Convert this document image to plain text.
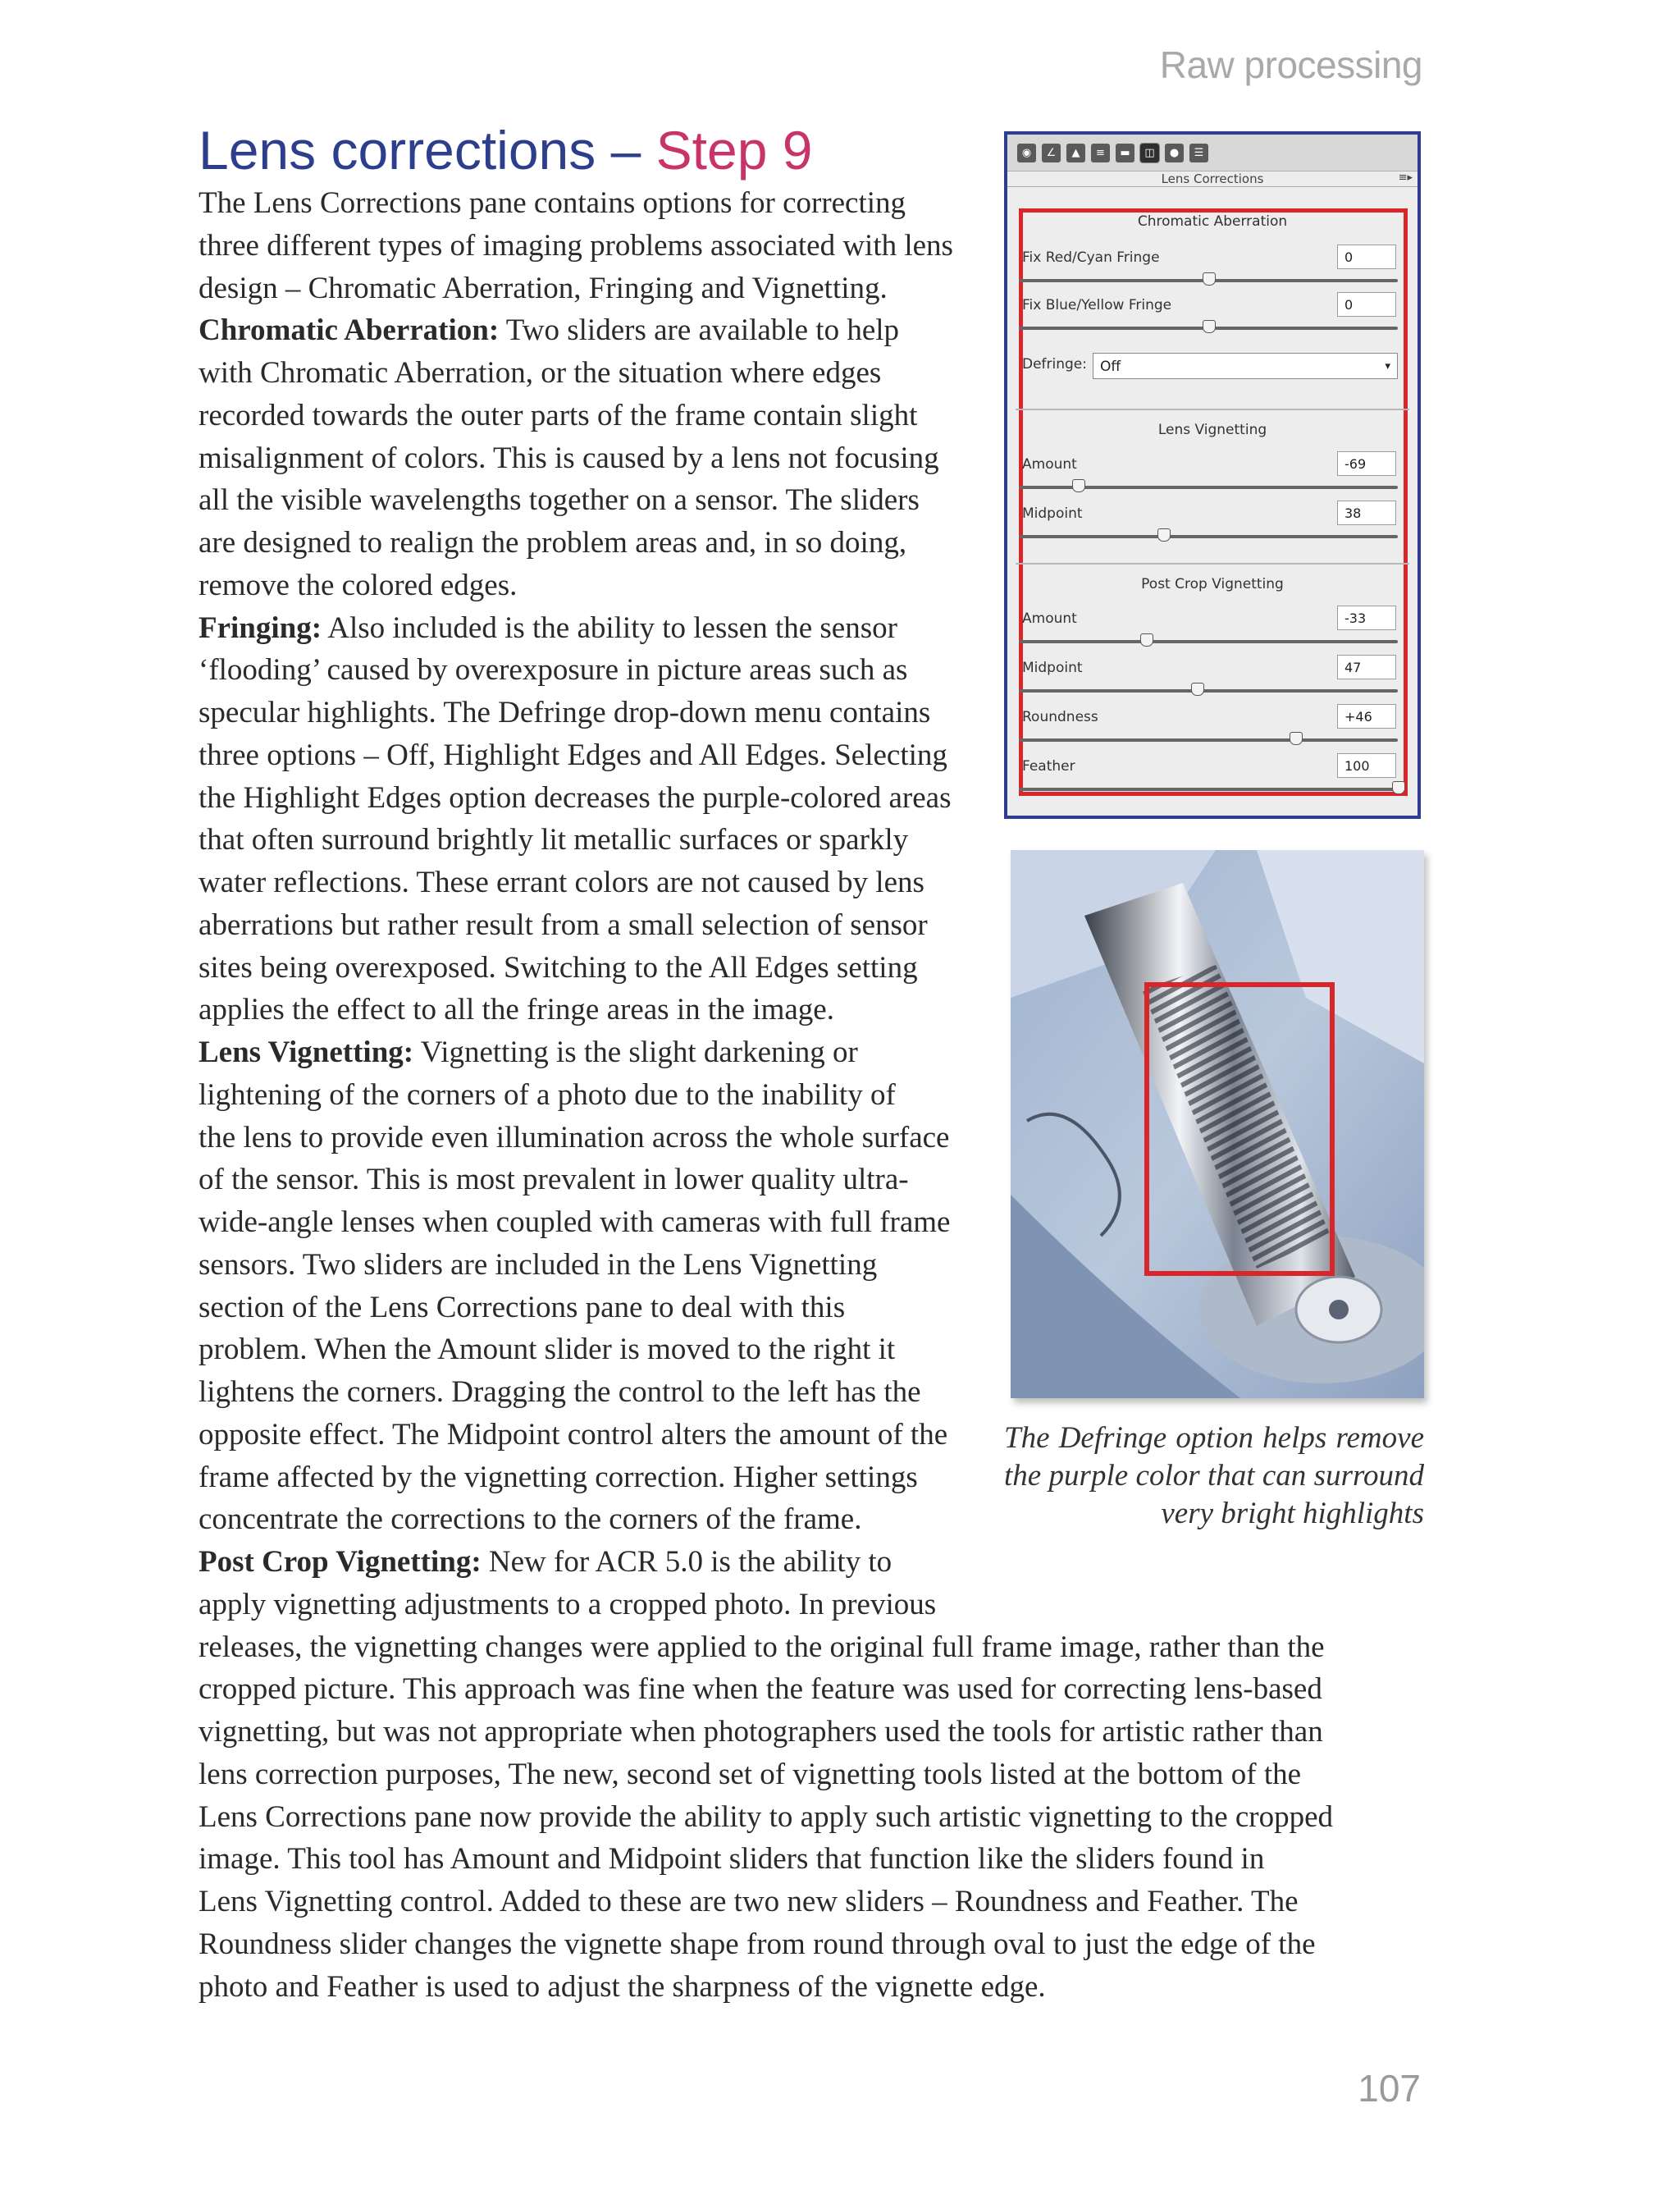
Raw processing
Lens corrections – Step 9
The Lens Corrections pane contains options for correcting
three different types of imaging problems associated with lens
design – Chromatic Aberration, Fringing and Vignetting.
Chromatic Aberration: Two sliders are available to help
with Chromatic Aberration, or the situation where edges
recorded towards the outer parts of the frame contain slight
misalignment of colors. This is caused by a lens not focusing
all the visible wavelengths together on a sensor. The sliders
are designed to realign the problem areas and, in so doing,
remove the colored edges.
Fringing: Also included is the ability to lessen the sensor
‘flooding’ caused by overexposure in picture areas such as
specular highlights. The Defringe drop-down menu contains
three options – Off, Highlight Edges and All Edges. Selecting
the Highlight Edges option decreases the purple-colored areas
that often surround brightly lit metallic surfaces or sparkly
water reflections. These errant colors are not caused by lens
aberrations but rather result from a small selection of sensor
sites being overexposed. Switching to the All Edges setting
applies the effect to all the fringe areas in the image.
Lens Vignetting: Vignetting is the slight darkening or
lightening of the corners of a photo due to the inability of
the lens to provide even illumination across the whole surface
of the sensor. This is most prevalent in lower quality ultra-
wide-angle lenses when coupled with cameras with full frame
sensors. Two sliders are included in the Lens Vignetting
section of the Lens Corrections pane to deal with this
problem. When the Amount slider is moved to the right it
lightens the corners. Dragging the control to the left has the
opposite effect. The Midpoint control alters the amount of the
frame affected by the vignetting correction. Higher settings
concentrate the corrections to the corners of the frame.
Post Crop Vignetting: New for ACR 5.0 is the ability to
apply vignetting adjustments to a cropped photo. In previous
releases, the vignetting changes were applied to the original full frame image, rather than the
cropped picture. This approach was fine when the feature was used for correcting lens-based
vignetting, but was not appropriate when photographers used the tools for artistic rather than
lens correction purposes, The new, second set of vignetting tools listed at the bottom of the
Lens Corrections pane now provide the ability to apply such artistic vignetting to the cropped
image. This tool has Amount and Midpoint sliders that function like the sliders found in
Lens Vignetting control. Added to these are two new sliders – Roundness and Feather. The
Roundness slider changes the vignette shape from round through oval to just the edge of the
photo and Feather is used to adjust the sharpness of the vignette edge.
◉	∠	▲	≡	▬	◫	●	☰
Lens Corrections	≡▸
Chromatic Aberration
Fix Red/Cyan Fringe	0
Fix Blue/Yellow Fringe	0
Defringe: Off	▾
Lens Vignetting
Amount	-69
Midpoint	38
Post Crop Vignetting
Amount	-33
Midpoint	47
Roundness	+46
Feather	100
The Defringe option helps remove
the purple color that can surround
very bright highlights
107
